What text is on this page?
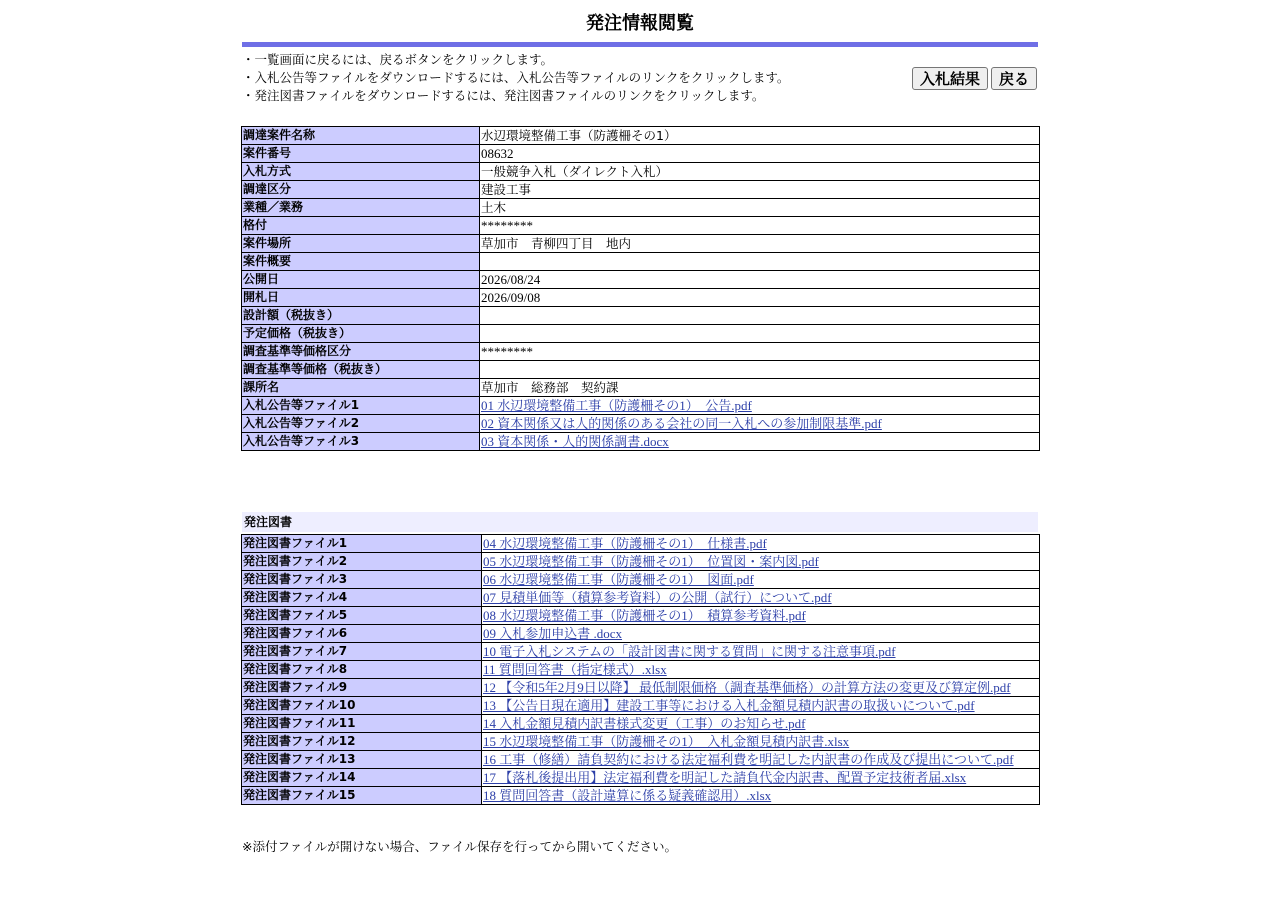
発注情報閲覧
・一覧画面に戻るには、戻るボタンをクリックします。
・入札公告等ファイルをダウンロードするには、入札公告等ファイルのリンクをクリックします。
・発注図書ファイルをダウンロードするには、発注図書ファイルのリンクをクリックします。
入札結果	戻る
調達案件名称	水辺環境整備工事（防護柵その1）
案件番号	08632
入札方式	一般競争入札（ダイレクト入札）
調達区分	建設工事
業種／業務	土木
格付	********
案件場所	草加市　青柳四丁目　地内
案件概要	
公開日	2026/08/24
開札日	2026/09/08
設計額（税抜き）	
予定価格（税抜き）	
調査基準等価格区分	********
調査基準等価格（税抜き）	
課所名	草加市　総務部　契約課
入札公告等ファイル1	01 水辺環境整備工事（防護柵その1）　公告.pdf
入札公告等ファイル2	02 資本関係又は人的関係のある会社の同一入札への参加制限基準.pdf
入札公告等ファイル3	03 資本関係・人的関係調書.docx
発注図書
発注図書ファイル1	04 水辺環境整備工事（防護柵その1）　仕様書.pdf
発注図書ファイル2	05 水辺環境整備工事（防護柵その1）　位置図・案内図.pdf
発注図書ファイル3	06 水辺環境整備工事（防護柵その1）　図面.pdf
発注図書ファイル4	07 見積単価等（積算参考資料）の公開（試行）について.pdf
発注図書ファイル5	08 水辺環境整備工事（防護柵その1）　積算参考資料.pdf
発注図書ファイル6	09 入札参加申込書 .docx
発注図書ファイル7	10 電子入札システムの「設計図書に関する質問」に関する注意事項.pdf
発注図書ファイル8	11 質問回答書（指定様式）.xlsx
発注図書ファイル9	12 【令和5年2月9日以降】 最低制限価格（調査基準価格）の計算方法の変更及び算定例.pdf
発注図書ファイル10	13 【公告日現在適用】建設工事等における入札金額見積内訳書の取扱いについて.pdf
発注図書ファイル11	14 入札金額見積内訳書様式変更（工事）のお知らせ.pdf
発注図書ファイル12	15 水辺環境整備工事（防護柵その1）　入札金額見積内訳書.xlsx
発注図書ファイル13	16 工事（修繕）請負契約における法定福利費を明記した内訳書の作成及び提出について.pdf
発注図書ファイル14	17 【落札後提出用】法定福利費を明記した請負代金内訳書、配置予定技術者届.xlsx
発注図書ファイル15	18 質問回答書（設計違算に係る疑義確認用）.xlsx
※添付ファイルが開けない場合、ファイル保存を行ってから開いてください。
